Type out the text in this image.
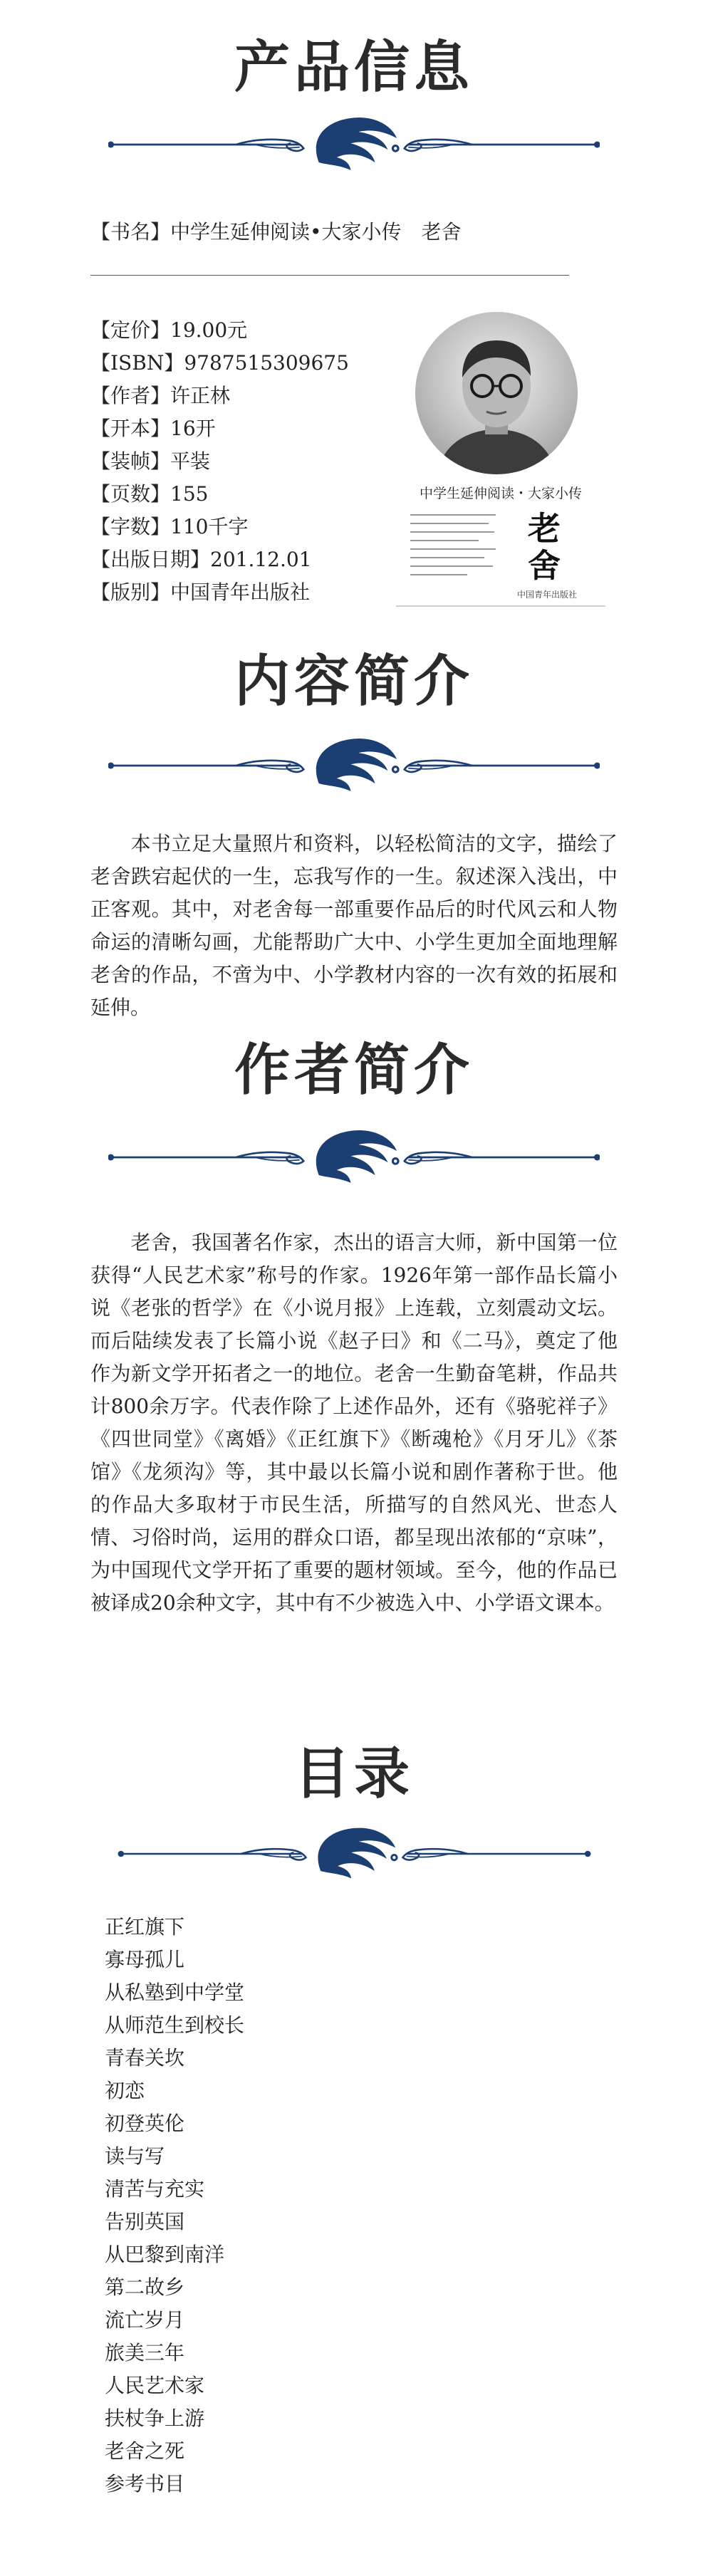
产品信息
【书名】中学生延伸阅读•大家小传　老舍
【定价】19.00元
【ISBN】9787515309675
【作者】许正林
【开本】16开
【装帧】平装
【页数】155
【字数】110千字
【出版日期】201.12.01
【版别】中国青年出版社
中学生延伸阅读・大家小传
老舍
中国青年出版社
内容简介
本书立足大量照片和资料，以轻松简洁的文字，描绘了老舍跌宕起伏的一生，忘我写作的一生。叙述深入浅出，中正客观。其中，对老舍每一部重要作品后的时代风云和人物命运的清晰勾画，尤能帮助广大中、小学生更加全面地理解老舍的作品，不啻为中、小学教材内容的一次有效的拓展和延伸。
作者简介
老舍，我国著名作家，杰出的语言大师，新中国第一位获得“人民艺术家”称号的作家。1926年第一部作品长篇小说《老张的哲学》在《小说月报》上连载，立刻震动文坛。而后陆续发表了长篇小说《赵子曰》和《二马》，奠定了他作为新文学开拓者之一的地位。老舍一生勤奋笔耕，作品共计800余万字。代表作除了上述作品外，还有《骆驼祥子》《四世同堂》《离婚》《正红旗下》《断魂枪》《月牙儿》《茶馆》《龙须沟》等，其中最以长篇小说和剧作著称于世。他的作品大多取材于市民生活，所描写的自然风光、世态人情、习俗时尚，运用的群众口语，都呈现出浓郁的“京味”，为中国现代文学开拓了重要的题材领域。至今，他的作品已被译成20余种文字，其中有不少被选入中、小学语文课本。
目录
正红旗下
寡母孤儿
从私塾到中学堂
从师范生到校长
青春关坎
初恋
初登英伦
读与写
清苦与充实
告别英国
从巴黎到南洋
第二故乡
流亡岁月
旅美三年
人民艺术家
扶杖争上游
老舍之死
参考书目
